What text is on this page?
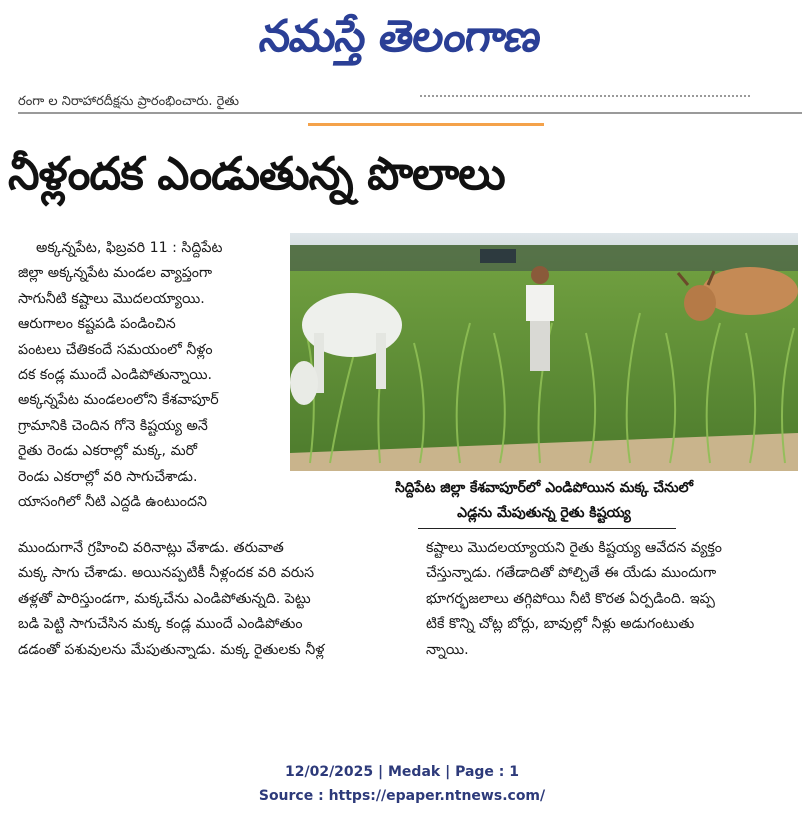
నమస్తే తెలంగాణ
రంగా ల నిరాహారదీక్షను ప్రారంభించారు. రైతు
నీళ్లందక ఎండుతున్న పొలాలు
అక్కన్నపేట, ఫిబ్రవరి 11 : సిద్దిపేట
జిల్లా అక్కన్నపేట మండల వ్యాప్తంగా
సాగునీటి కష్టాలు మొదలయ్యాయి.
ఆరుగాలం కష్టపడి పండించిన
పంటలు చేతికందే సమయంలో నీళ్లం
దక కండ్ల ముందే ఎండిపోతున్నాయి.
అక్కన్నపేట మండలంలోని కేశవాపూర్
గ్రామానికి చెందిన గోనె కిష్టయ్య అనే
రైతు రెండు ఎకరాల్లో మక్క, మరో
రెండు ఎకరాల్లో వరి సాగుచేశాడు.
యాసంగిలో నీటి ఎద్దడి ఉంటుందని
సిద్దిపేట జిల్లా కేశవాపూర్‌లో ఎండిపోయిన మక్క చేనులో
ఎడ్లను మేపుతున్న రైతు కిష్టయ్య
ముందుగానే గ్రహించి వరినాట్లు వేశాడు. తరువాత
మక్క సాగు చేశాడు. అయినప్పటికీ నీళ్లందక వరి వరుస
తళ్లతో పారిస్తుండగా, మక్కచేను ఎండిపోతున్నది. పెట్టు
బడి పెట్టి సాగుచేసిన మక్క కండ్ల ముందే ఎండిపోతుం
డడంతో పశువులను మేపుతున్నాడు. మక్క రైతులకు నీళ్ల
కష్టాలు మొదలయ్యాయని రైతు కిష్టయ్య ఆవేదన వ్యక్తం
చేస్తున్నాడు. గతేడాదితో పోల్చితే ఈ యేడు ముందుగా
భూగర్భజలాలు తగ్గిపోయి నీటి కొరత ఏర్పడింది. ఇప్ప
టికే కొన్ని చోట్ల బోర్లు, బావుల్లో నీళ్లు అడుగంటుతు
న్నాయి.
12/02/2025 | Medak | Page : 1
Source : https://epaper.ntnews.com/
